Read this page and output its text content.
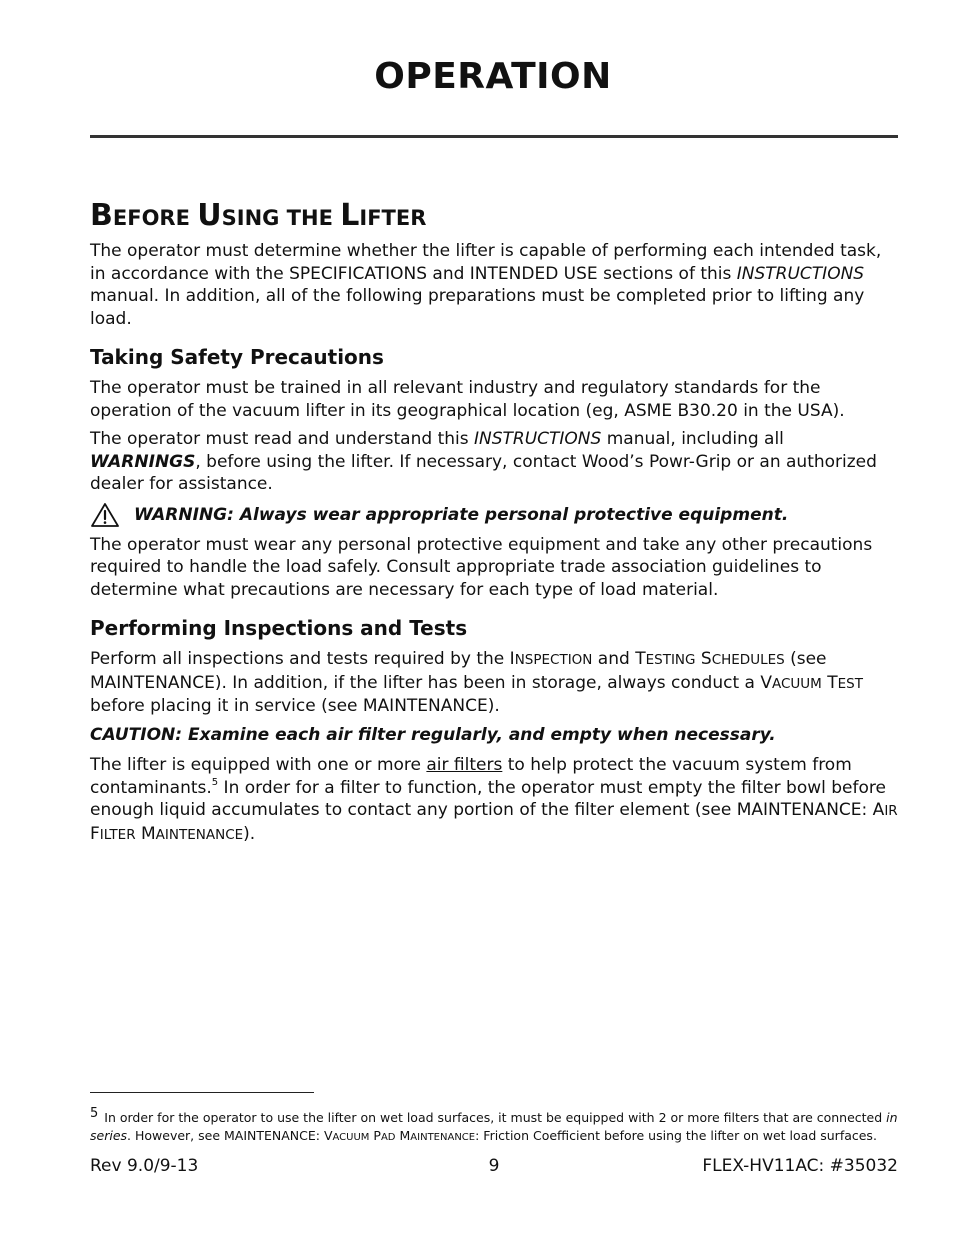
OPERATION
BEFORE USING THE LIFTER

The operator must determine whether the lifter is capable of performing each intended task, in accordance with the SPECIFICATIONS and INTENDED USE sections of this INSTRUCTIONS manual. In addition, all of the following preparations must be completed prior to lifting any load.

Taking Safety Precautions

The operator must be trained in all relevant industry and regulatory standards for the operation of the vacuum lifter in its geographical location (eg, ASME B30.20 in the USA).

The operator must read and understand this INSTRUCTIONS manual, including all WARNINGS, before using the lifter. If necessary, contact Wood’s Powr-Grip or an authorized dealer for assistance.

WARNING: Always wear appropriate personal protective equipment.

The operator must wear any personal protective equipment and take any other precautions required to handle the load safely. Consult appropriate trade association guidelines to determine what precautions are necessary for each type of load material.

Performing Inspections and Tests

Perform all inspections and tests required by the INSPECTION and TESTING SCHEDULES (see MAINTENANCE). In addition, if the lifter has been in storage, always conduct a VACUUM TEST before placing it in service (see MAINTENANCE).

CAUTION: Examine each air filter regularly, and empty when necessary.

The lifter is equipped with one or more air filters to help protect the vacuum system from contaminants.$^5$ In order for a filter to function, the operator must empty the filter bowl before enough liquid accumulates to contact any portion of the filter element (see MAINTENANCE: AIR FILTER MAINTENANCE).

5 In order for the operator to use the lifter on wet load surfaces, it must be equipped with 2 or more filters that are connected in series. However, see MAINTENANCE: VACUUM PAD MAINTENANCE: Friction Coefficient before using the lifter on wet load surfaces.
Rev 9.0/9-13	9	FLEX-HV11AC: #35032
